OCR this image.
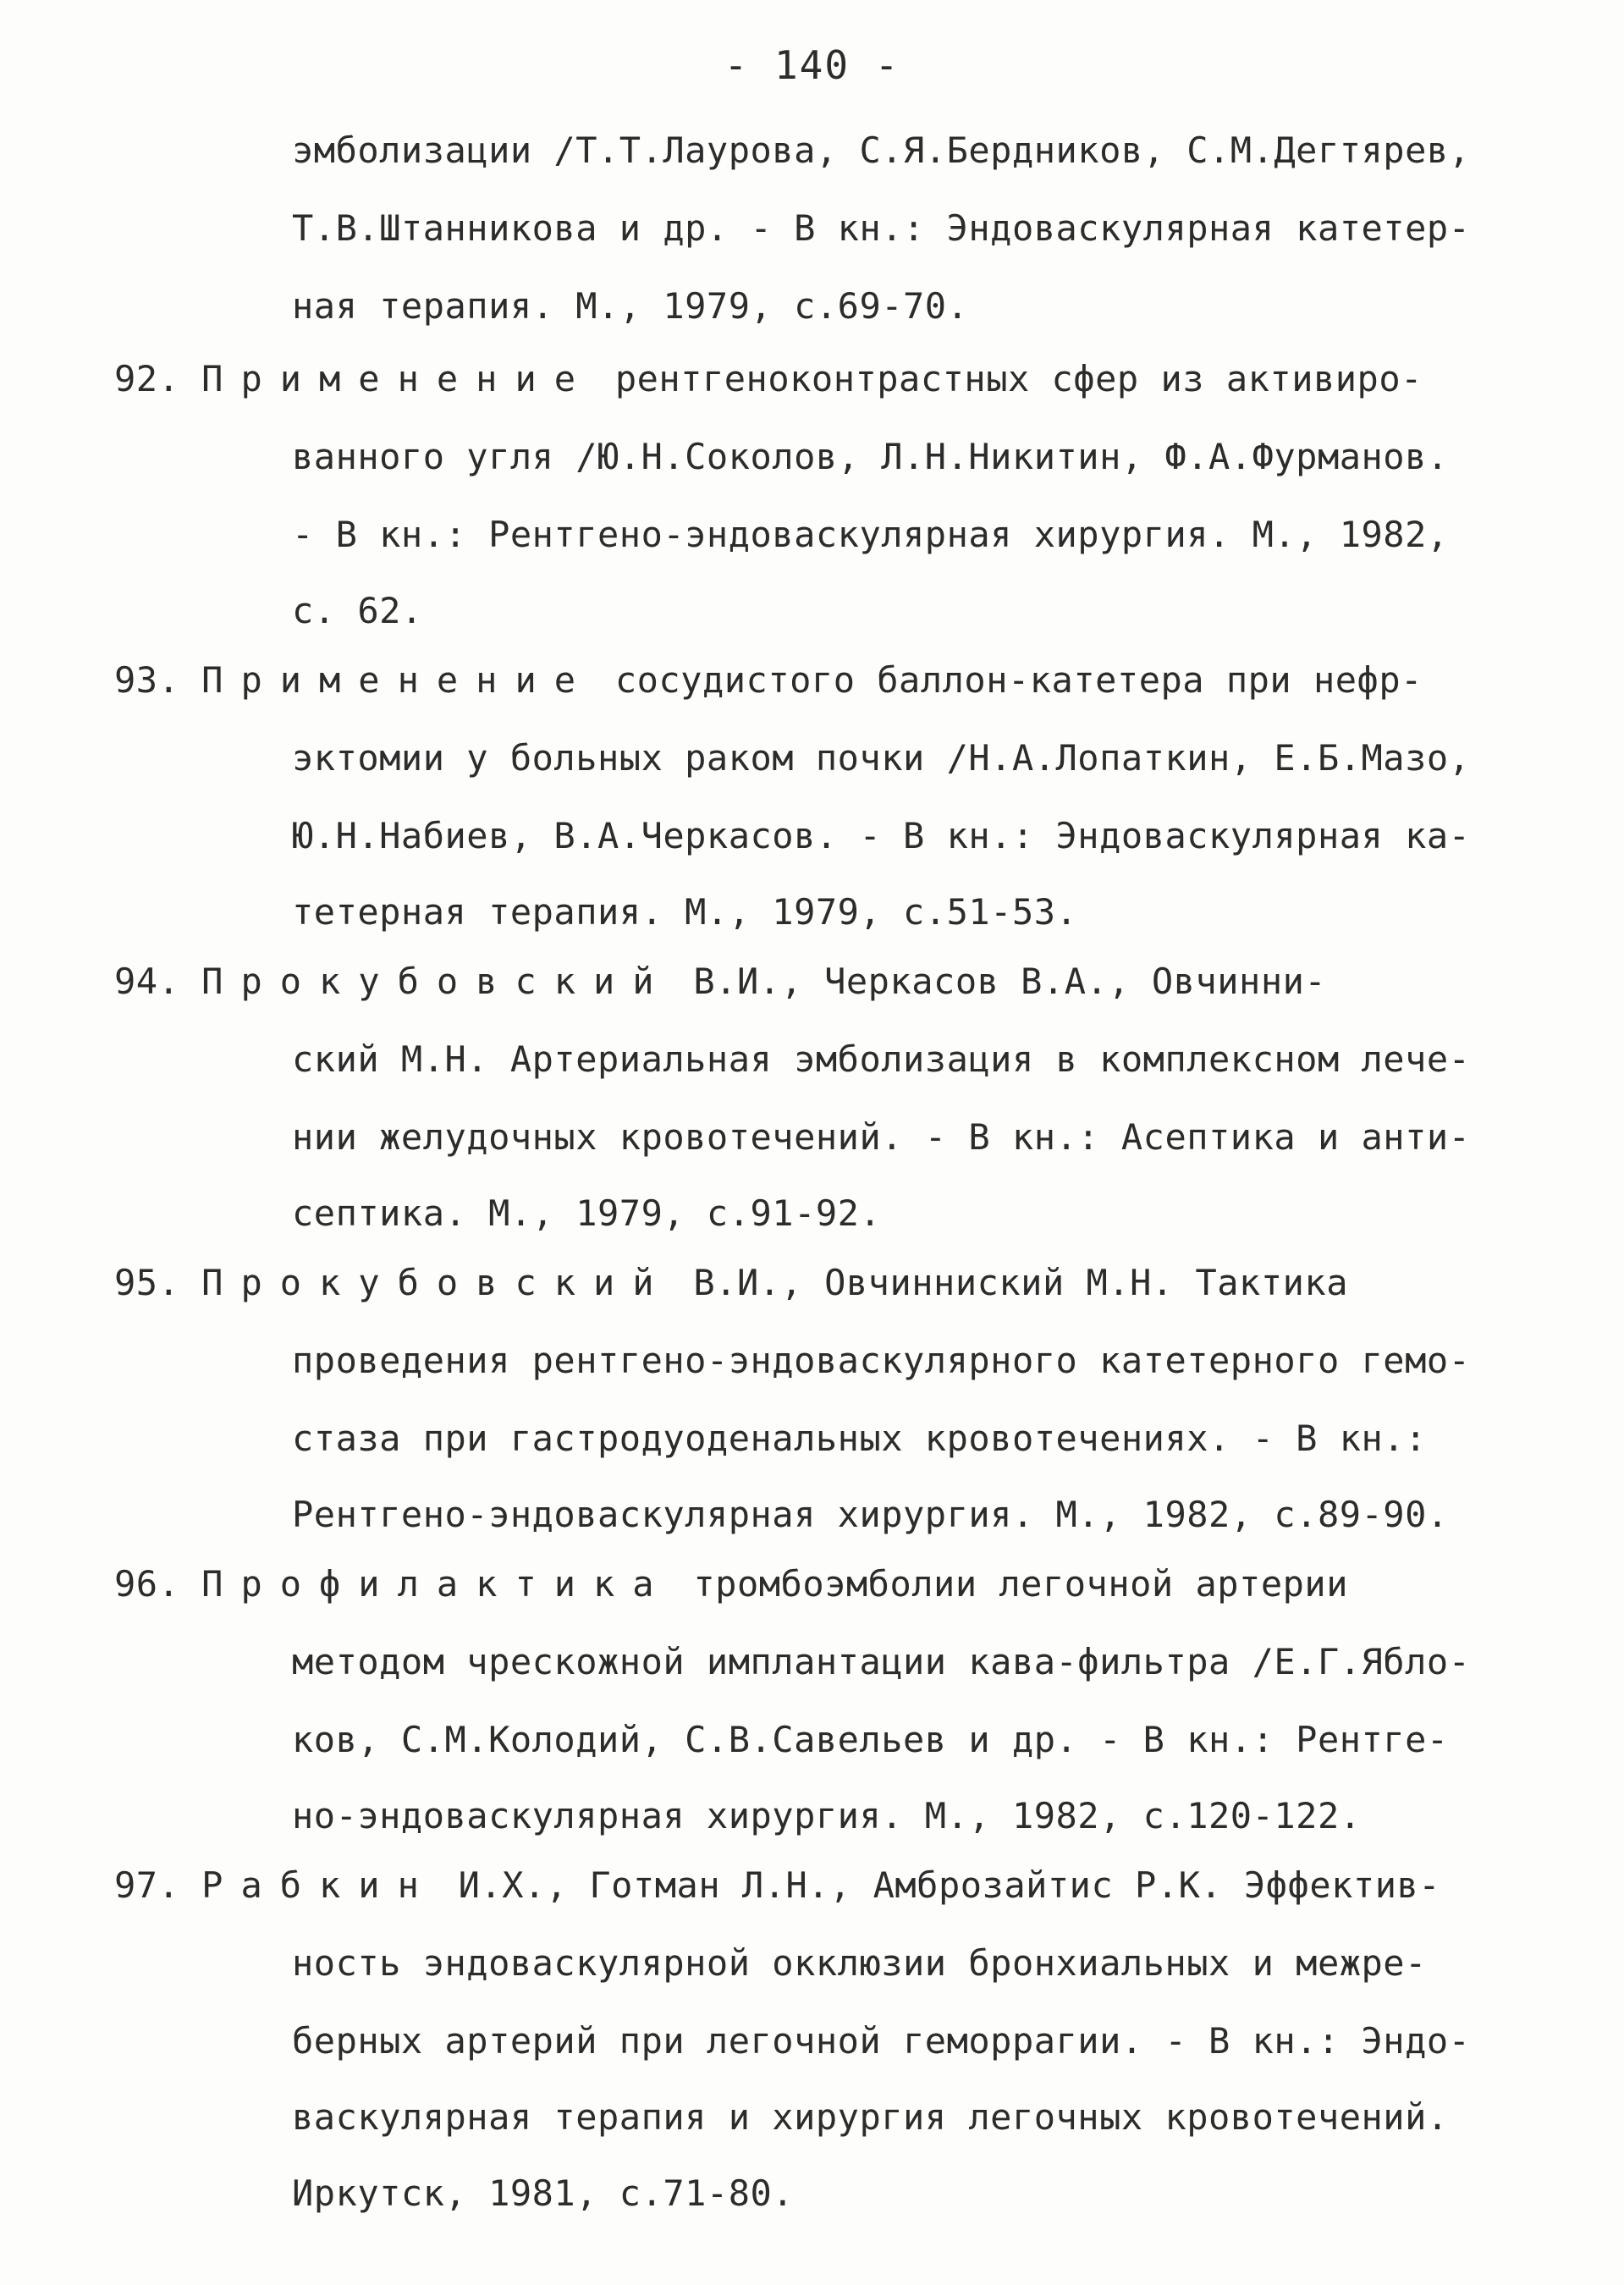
- 140 -
эмболизации /Т.Т.Лаурова, С.Я.Бердников, С.М.Дегтярев,
Т.В.Штанникова и др. - В кн.: Эндоваскулярная катетер-
ная терапия. М., 1979, с.69-70.
92. Применение рентгеноконтрастных сфер из активиро-
ванного угля /Ю.Н.Соколов, Л.Н.Никитин, Ф.А.Фурманов.
- В кн.: Рентгено-эндоваскулярная хирургия. М., 1982,
с. 62.
93. Применение сосудистого баллон-катетера при нефр-
эктомии у больных раком почки /Н.А.Лопаткин, Е.Б.Мазо,
Ю.Н.Набиев, В.А.Черкасов. - В кн.: Эндоваскулярная ка-
тетерная терапия. М., 1979, с.51-53.
94. Прокубовский В.И., Черкасов В.А., Овчинни-
ский М.Н. Артериальная эмболизация в комплексном лече-
нии желудочных кровотечений. - В кн.: Асептика и анти-
септика. М., 1979, с.91-92.
95. Прокубовский В.И., Овчинниский М.Н. Тактика
проведения рентгено-эндоваскулярного катетерного гемо-
стаза при гастродуоденальных кровотечениях. - В кн.:
Рентгено-эндоваскулярная хирургия. М., 1982, с.89-90.
96. Профилактика тромбоэмболии легочной артерии
методом чрескожной имплантации кава-фильтра /Е.Г.Яблo-
ков, С.М.Колодий, С.В.Савельев и др. - В кн.: Рентге-
но-эндоваскулярная хирургия. М., 1982, с.120-122.
97. Рабкин И.Х., Готман Л.Н., Амброзайтис Р.К. Эффектив-
ность эндоваскулярной окклюзии бронхиальных и межре-
берных артерий при легочной геморрагии. - В кн.: Эндо-
васкулярная терапия и хирургия легочных кровотечений.
Иркутск, 1981, с.71-80.
